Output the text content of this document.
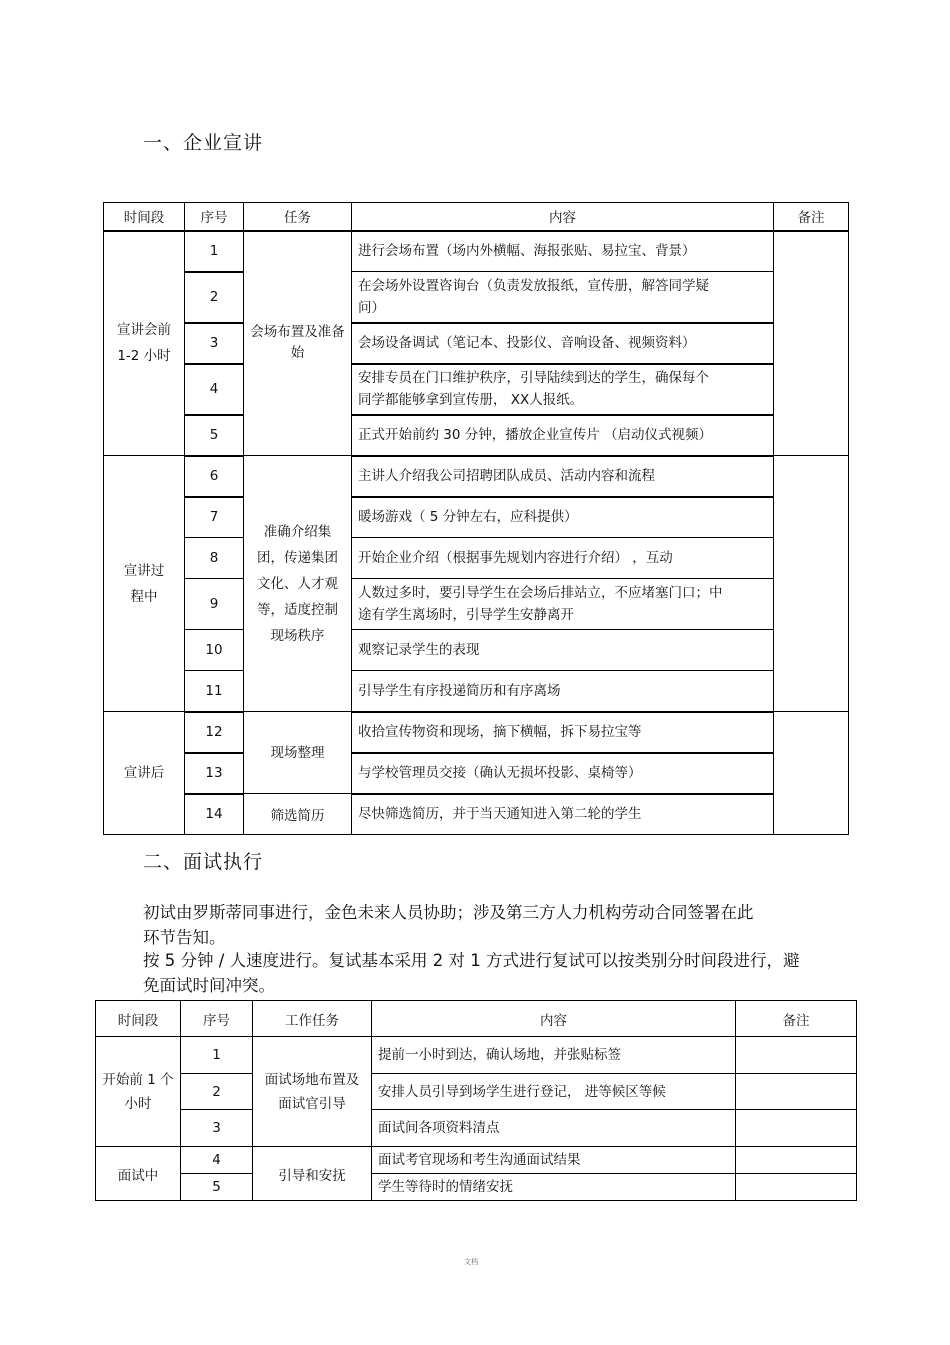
一、企业宣讲
时间段	序号	任务	内容	备注
宣讲会前 1-2 小时	1	会场布置及准备始	进行会场布置（场内外横幅、海报张贴、易拉宝、背景）	
	2		在会场外设置咨询台（负责发放报纸，宣传册，解答同学疑问）	
	3		会场设备调试（笔记本、投影仪、音响设备、视频资料）	
	4		安排专员在门口维护秩序，引导陆续到达的学生，确保每个同学都能够拿到宣传册， XX人报纸。	
	5		正式开始前约 30 分钟，播放企业宣传片 （启动仪式视频）	
宣讲过程中	6	准确介绍集团，传递集团文化、人才观等，适度控制现场秩序	主讲人介绍我公司招聘团队成员、活动内容和流程	
	7		暖场游戏（ 5 分钟左右，应科提供）	
	8		开始企业介绍（根据事先规划内容进行介绍） ，互动	
	9		人数过多时，要引导学生在会场后排站立，不应堵塞门口；中途有学生离场时，引导学生安静离开	
	10		观察记录学生的表现	
	11		引导学生有序投递简历和有序离场	
宣讲后	12	现场整理	收拾宣传物资和现场，摘下横幅，拆下易拉宝等	
	13		与学校管理员交接（确认无损坏投影、桌椅等）	
	14	筛选简历	尽快筛选简历，并于当天通知进入第二轮的学生	
二、面试执行
初试由罗斯蒂同事进行，金色未来人员协助；涉及第三方人力机构劳动合同签署在此环节告知。
按 5 分钟 / 人速度进行。复试基本采用 2 对 1 方式进行复试可以按类别分时间段进行，避免面试时间冲突。
时间段	序号	工作任务	内容	备注
开始前 1 个小时	1	面试场地布置及面试官引导	提前一小时到达，确认场地，并张贴标签	
	2		安排人员引导到场学生进行登记， 进等候区等候	
	3		面试间各项资料清点	
面试中	4	引导和安抚	面试考官现场和考生沟通面试结果	
	5		学生等待时的情绪安抚	
文档
